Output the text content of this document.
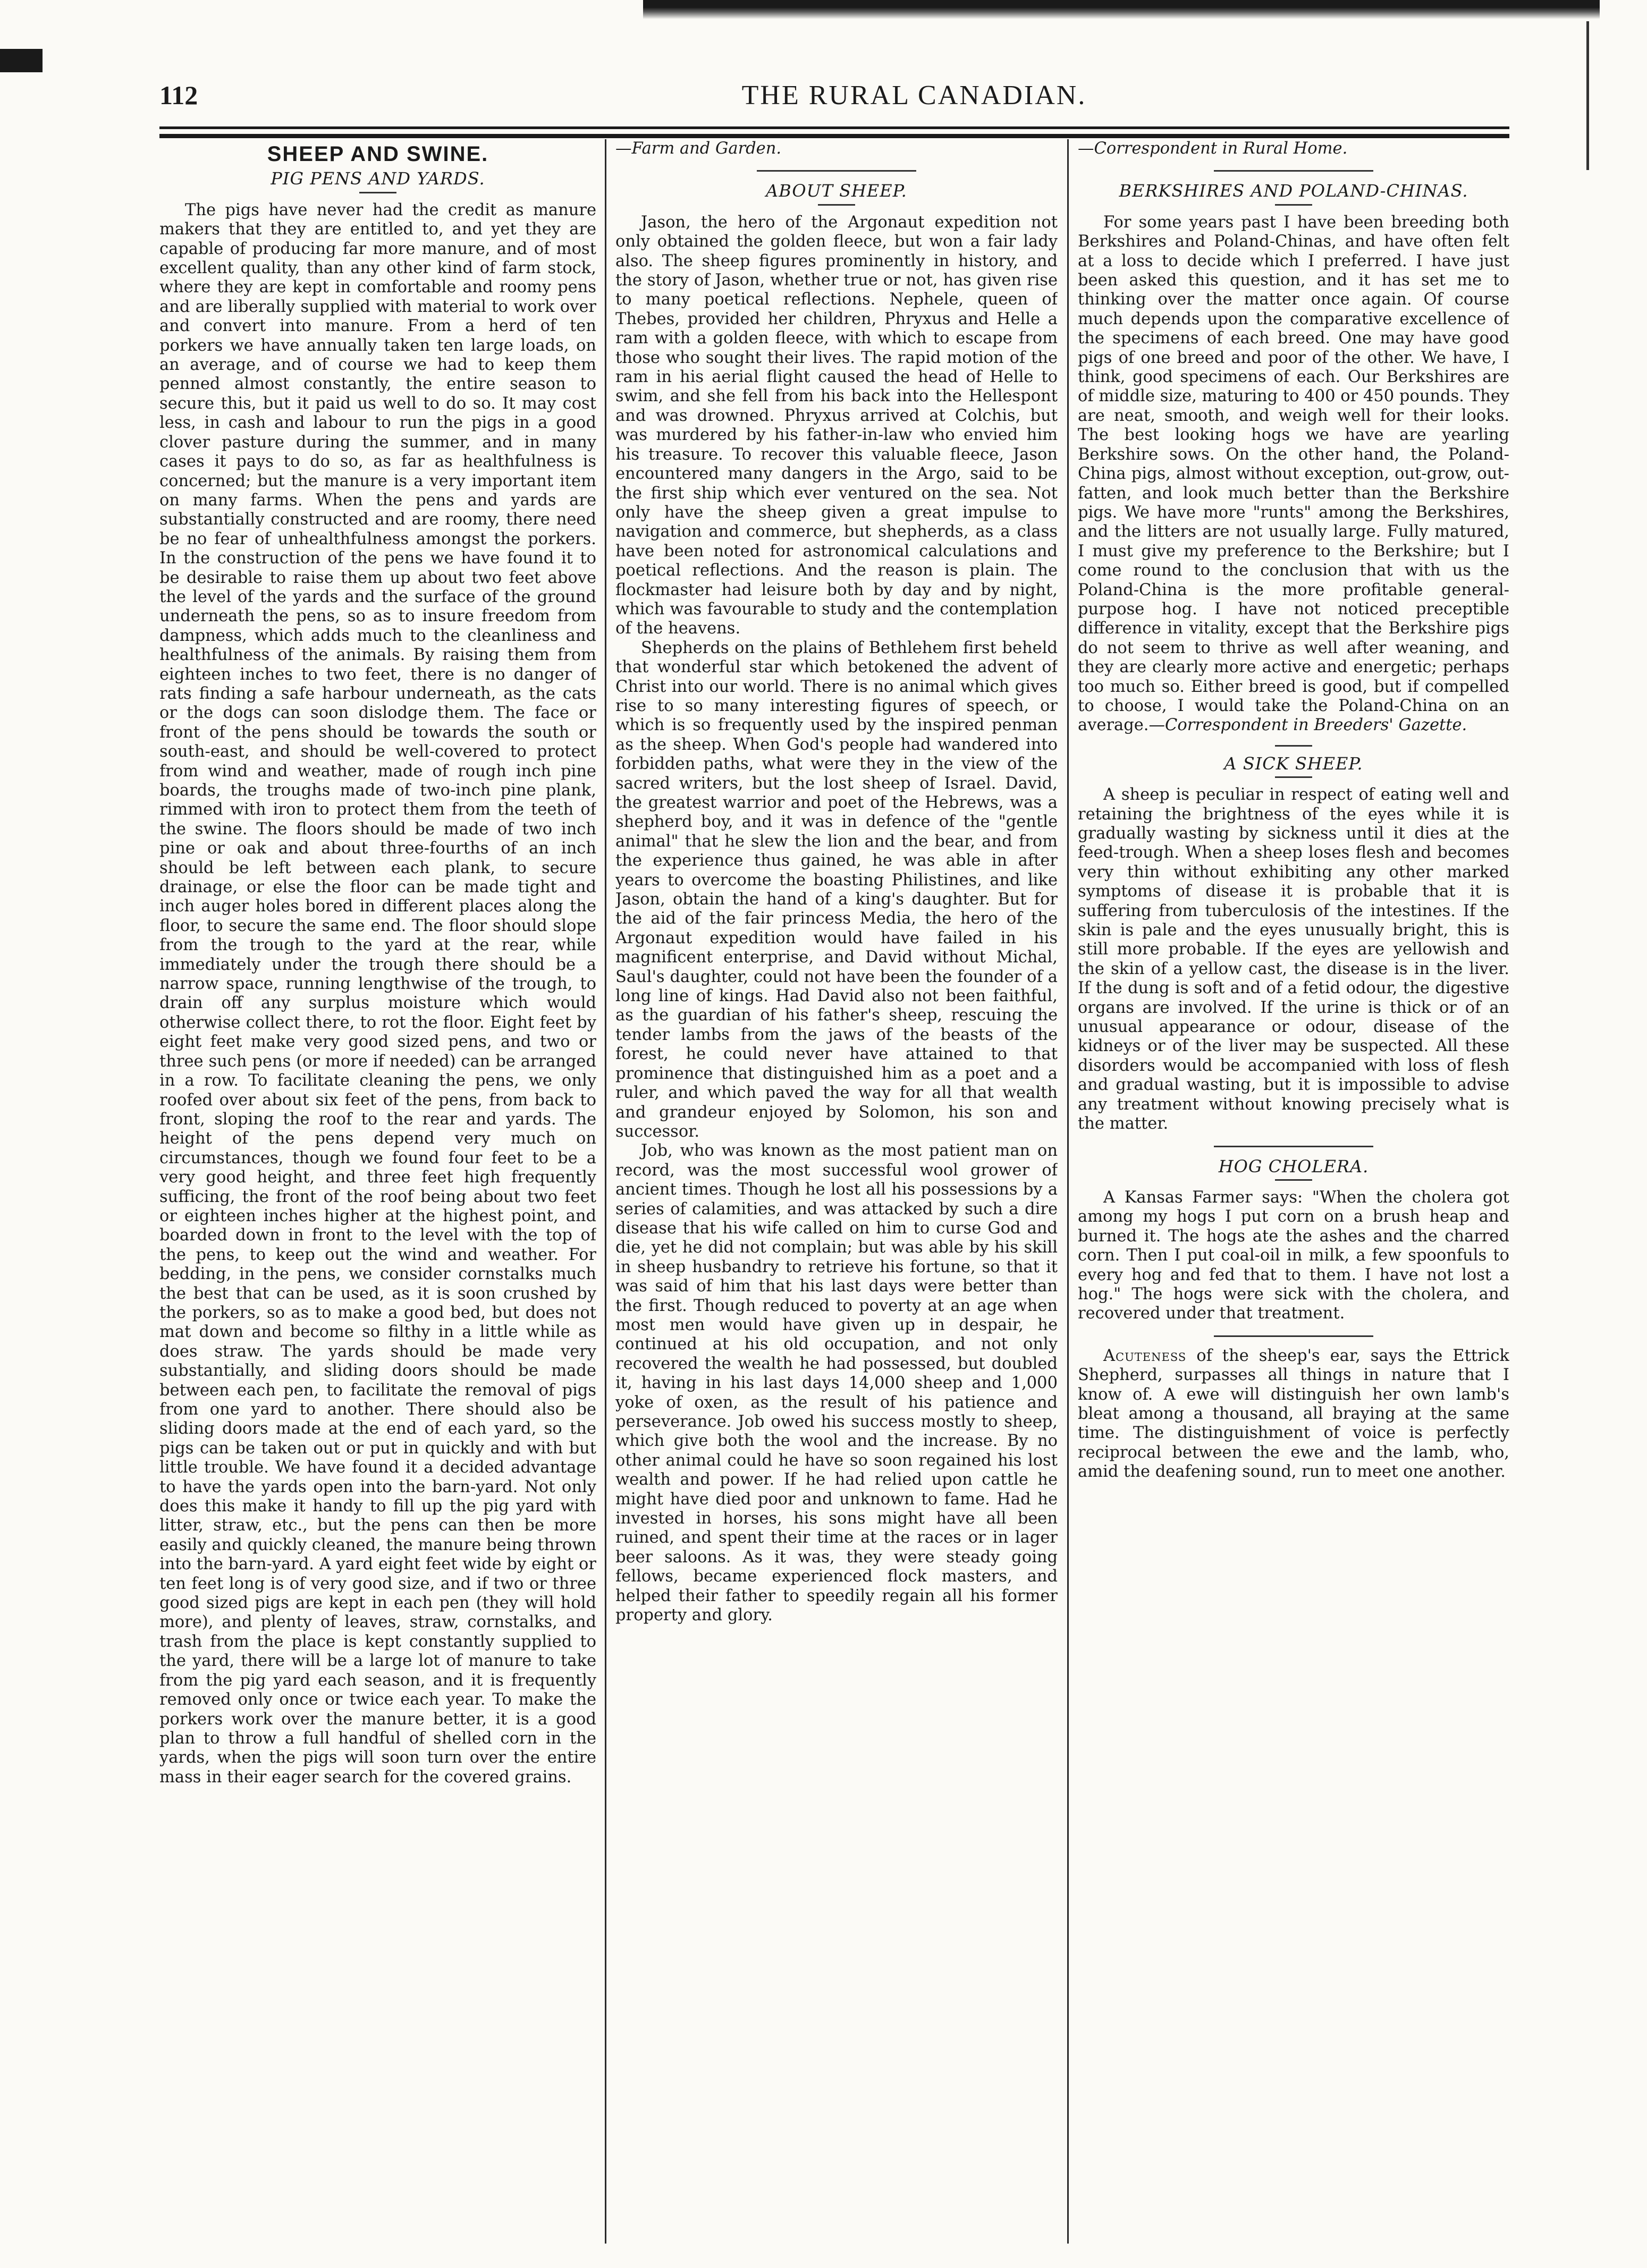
112	THE RURAL CANADIAN.
SHEEP AND SWINE.
PIG PENS AND YARDS.

The pigs have never had the credit as manure makers that they are entitled to, and yet they are capable of producing far more manure, and of most excellent quality, than any other kind of farm stock, where they are kept in comfortable and roomy pens and are liberally supplied with material to work over and convert into manure. From a herd of ten porkers we have annually taken ten large loads, on an average, and of course we had to keep them penned almost constantly, the entire season to secure this, but it paid us well to do so. It may cost less, in cash and labour to run the pigs in a good clover pasture during the summer, and in many cases it pays to do so, as far as healthfulness is concerned; but the manure is a very important item on many farms. When the pens and yards are substantially constructed and are roomy, there need be no fear of unhealthfulness amongst the porkers. In the construction of the pens we have found it to be desirable to raise them up about two feet above the level of the yards and the surface of the ground underneath the pens, so as to insure freedom from dampness, which adds much to the cleanliness and healthfulness of the animals. By raising them from eighteen inches to two feet, there is no danger of rats finding a safe harbour underneath, as the cats or the dogs can soon dislodge them. The face or front of the pens should be towards the south or south-east, and should be well-covered to protect from wind and weather, made of rough inch pine boards, the troughs made of two-inch pine plank, rimmed with iron to protect them from the teeth of the swine. The floors should be made of two inch pine or oak and about three-fourths of an inch should be left between each plank, to secure drainage, or else the floor can be made tight and inch auger holes bored in different places along the floor, to secure the same end. The floor should slope from the trough to the yard at the rear, while immediately under the trough there should be a narrow space, running lengthwise of the trough, to drain off any surplus moisture which would otherwise collect there, to rot the floor. Eight feet by eight feet make very good sized pens, and two or three such pens (or more if needed) can be arranged in a row. To facilitate cleaning the pens, we only roofed over about six feet of the pens, from back to front, sloping the roof to the rear and yards. The height of the pens depend very much on circumstances, though we found four feet to be a very good height, and three feet high frequently sufficing, the front of the roof being about two feet or eighteen inches higher at the highest point, and boarded down in front to the level with the top of the pens, to keep out the wind and weather. For bedding, in the pens, we consider cornstalks much the best that can be used, as it is soon crushed by the porkers, so as to make a good bed, but does not mat down and become so filthy in a little while as does straw. The yards should be made very substantially, and sliding doors should be made between each pen, to facilitate the removal of pigs from one yard to another. There should also be sliding doors made at the end of each yard, so the pigs can be taken out or put in quickly and with but little trouble. We have found it a decided advantage to have the yards open into the barn-yard. Not only does this make it handy to fill up the pig yard with litter, straw, etc., but the pens can then be more easily and quickly cleaned, the manure being thrown into the barn-yard. A yard eight feet wide by eight or ten feet long is of very good size, and if two or three good sized pigs are kept in each pen (they will hold more), and plenty of leaves, straw, cornstalks, and trash from the place is kept constantly supplied to the yard, there will be a large lot of manure to take from the pig yard each season, and it is frequently removed only once or twice each year. To make the porkers work over the manure better, it is a good plan to throw a full handful of shelled corn in the yards, when the pigs will soon turn over the entire mass in their eager search for the covered grains.

—Farm and Garden.

ABOUT SHEEP.

Jason, the hero of the Argonaut expedition not only obtained the golden fleece, but won a fair lady also. The sheep figures prominently in history, and the story of Jason, whether true or not, has given rise to many poetical reflections. Nephele, queen of Thebes, provided her children, Phryxus and Helle a ram with a golden fleece, with which to escape from those who sought their lives. The rapid motion of the ram in his aerial flight caused the head of Helle to swim, and she fell from his back into the Hellespont and was drowned. Phryxus arrived at Colchis, but was murdered by his father-in-law who envied him his treasure. To recover this valuable fleece, Jason encountered many dangers in the Argo, said to be the first ship which ever ventured on the sea. Not only have the sheep given a great impulse to navigation and commerce, but shepherds, as a class have been noted for astronomical calculations and poetical reflections. And the reason is plain. The flockmaster had leisure both by day and by night, which was favourable to study and the contemplation of the heavens.

Shepherds on the plains of Bethlehem first beheld that wonderful star which betokened the advent of Christ into our world. There is no animal which gives rise to so many interesting figures of speech, or which is so frequently used by the inspired penman as the sheep. When God's people had wandered into forbidden paths, what were they in the view of the sacred writers, but the lost sheep of Israel. David, the greatest warrior and poet of the Hebrews, was a shepherd boy, and it was in defence of the "gentle animal" that he slew the lion and the bear, and from the experience thus gained, he was able in after years to overcome the boasting Philistines, and like Jason, obtain the hand of a king's daughter. But for the aid of the fair princess Media, the hero of the Argonaut expedition would have failed in his magnificent enterprise, and David without Michal, Saul's daughter, could not have been the founder of a long line of kings. Had David also not been faithful, as the guardian of his father's sheep, rescuing the tender lambs from the jaws of the beasts of the forest, he could never have attained to that prominence that distinguished him as a poet and a ruler, and which paved the way for all that wealth and grandeur enjoyed by Solomon, his son and successor.

Job, who was known as the most patient man on record, was the most successful wool grower of ancient times. Though he lost all his possessions by a series of calamities, and was attacked by such a dire disease that his wife called on him to curse God and die, yet he did not complain; but was able by his skill in sheep husbandry to retrieve his fortune, so that it was said of him that his last days were better than the first. Though reduced to poverty at an age when most men would have given up in despair, he continued at his old occupation, and not only recovered the wealth he had possessed, but doubled it, having in his last days 14,000 sheep and 1,000 yoke of oxen, as the result of his patience and perseverance. Job owed his success mostly to sheep, which give both the wool and the increase. By no other animal could he have so soon regained his lost wealth and power. If he had relied upon cattle he might have died poor and unknown to fame. Had he invested in horses, his sons might have all been ruined, and spent their time at the races or in lager beer saloons. As it was, they were steady going fellows, became experienced flock masters, and helped their father to speedily regain all his former property and glory.

—Correspondent in Rural Home.

BERKSHIRES AND POLAND-CHINAS.

For some years past I have been breeding both Berkshires and Poland-Chinas, and have often felt at a loss to decide which I preferred. I have just been asked this question, and it has set me to thinking over the matter once again. Of course much depends upon the comparative excellence of the specimens of each breed. One may have good pigs of one breed and poor of the other. We have, I think, good specimens of each. Our Berkshires are of middle size, maturing to 400 or 450 pounds. They are neat, smooth, and weigh well for their looks. The best looking hogs we have are yearling Berkshire sows. On the other hand, the Poland-China pigs, almost without exception, out-grow, out-fatten, and look much better than the Berkshire pigs. We have more "runts" among the Berkshires, and the litters are not usually large. Fully matured, I must give my preference to the Berkshire; but I come round to the conclusion that with us the Poland-China is the more profitable general-purpose hog. I have not noticed preceptible difference in vitality, except that the Berkshire pigs do not seem to thrive as well after weaning, and they are clearly more active and energetic; perhaps too much so. Either breed is good, but if compelled to choose, I would take the Poland-China on an average.—Correspondent in Breeders' Gazette.

A SICK SHEEP.

A sheep is peculiar in respect of eating well and retaining the brightness of the eyes while it is gradually wasting by sickness until it dies at the feed-trough. When a sheep loses flesh and becomes very thin without exhibiting any other marked symptoms of disease it is probable that it is suffering from tuberculosis of the intestines. If the skin is pale and the eyes unusually bright, this is still more probable. If the eyes are yellowish and the skin of a yellow cast, the disease is in the liver. If the dung is soft and of a fetid odour, the digestive organs are involved. If the urine is thick or of an unusual appearance or odour, disease of the kidneys or of the liver may be suspected. All these disorders would be accompanied with loss of flesh and gradual wasting, but it is impossible to advise any treatment without knowing precisely what is the matter.

HOG CHOLERA.

A Kansas Farmer says: "When the cholera got among my hogs I put corn on a brush heap and burned it. The hogs ate the ashes and the charred corn. Then I put coal-oil in milk, a few spoonfuls to every hog and fed that to them. I have not lost a hog." The hogs were sick with the cholera, and recovered under that treatment.

Acuteness of the sheep's ear, says the Ettrick Shepherd, surpasses all things in nature that I know of. A ewe will distinguish her own lamb's bleat among a thousand, all braying at the same time. The distinguishment of voice is perfectly reciprocal between the ewe and the lamb, who, amid the deafening sound, run to meet one another.
